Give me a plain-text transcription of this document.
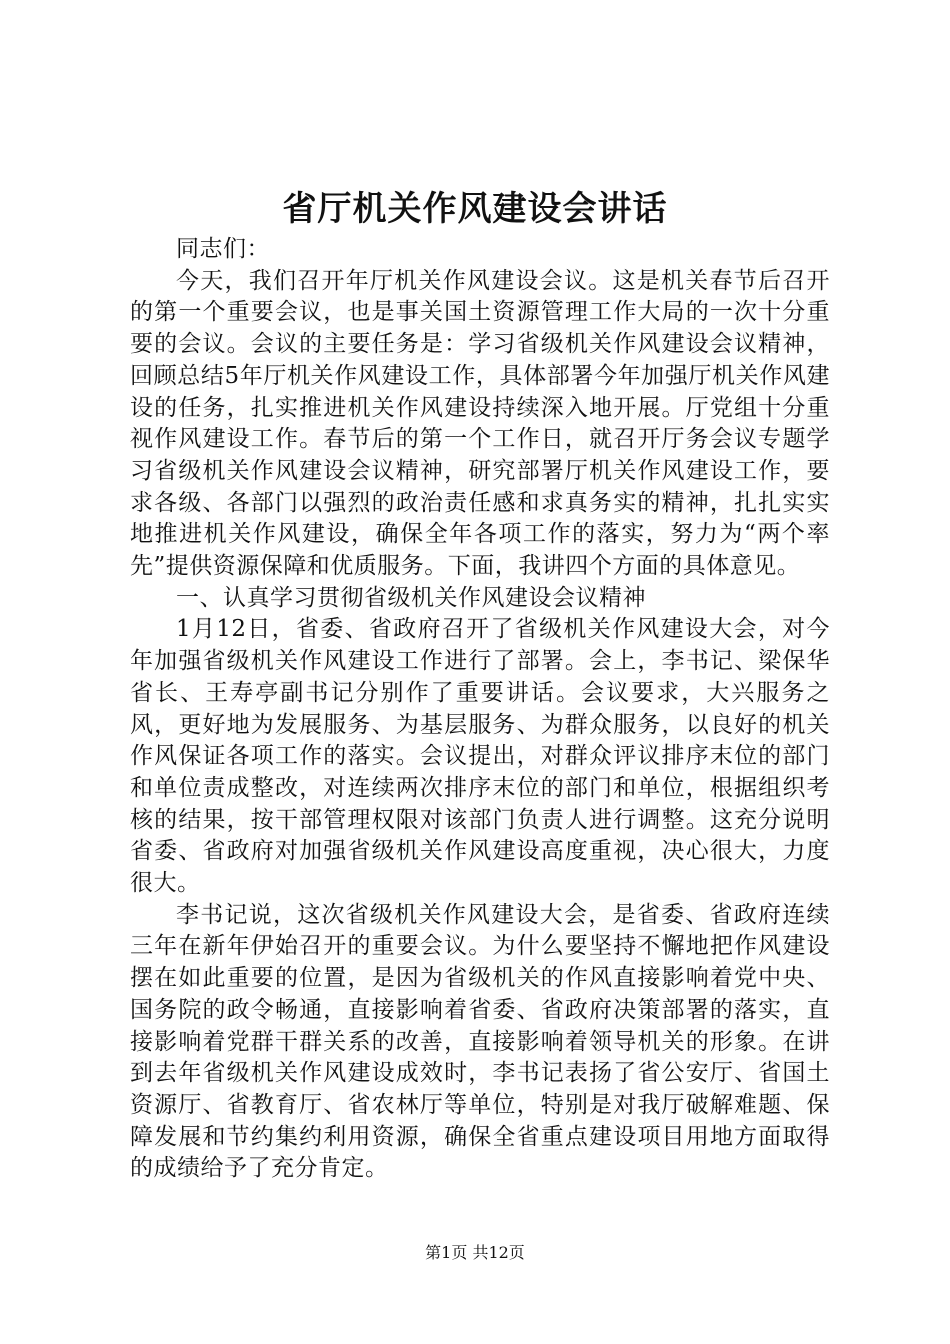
省厅机关作风建设会讲话

同志们：

今天，我们召开年厅机关作风建设会议。这是机关春节后召开的第一个重要会议，也是事关国土资源管理工作大局的一次十分重要的会议。会议的主要任务是：学习省级机关作风建设会议精神，回顾总结5年厅机关作风建设工作，具体部署今年加强厅机关作风建设的任务，扎实推进机关作风建设持续深入地开展。厅党组十分重视作风建设工作。春节后的第一个工作日，就召开厅务会议专题学习省级机关作风建设会议精神，研究部署厅机关作风建设工作，要求各级、各部门以强烈的政治责任感和求真务实的精神，扎扎实实地推进机关作风建设，确保全年各项工作的落实，努力为“两个率先”提供资源保障和优质服务。下面，我讲四个方面的具体意见。

一、认真学习贯彻省级机关作风建设会议精神

1月12日，省委、省政府召开了省级机关作风建设大会，对今年加强省级机关作风建设工作进行了部署。会上，李书记、梁保华省长、王寿亭副书记分别作了重要讲话。会议要求，大兴服务之风，更好地为发展服务、为基层服务、为群众服务，以良好的机关作风保证各项工作的落实。会议提出，对群众评议排序末位的部门和单位责成整改，对连续两次排序末位的部门和单位，根据组织考核的结果，按干部管理权限对该部门负责人进行调整。这充分说明省委、省政府对加强省级机关作风建设高度重视，决心很大，力度很大。

李书记说，这次省级机关作风建设大会，是省委、省政府连续三年在新年伊始召开的重要会议。为什么要坚持不懈地把作风建设摆在如此重要的位置，是因为省级机关的作风直接影响着党中央、国务院的政令畅通，直接影响着省委、省政府决策部署的落实，直接影响着党群干群关系的改善，直接影响着领导机关的形象。在讲到去年省级机关作风建设成效时，李书记表扬了省公安厅、省国土资源厅、省教育厅、省农林厅等单位，特别是对我厅破解难题、保障发展和节约集约利用资源，确保全省重点建设项目用地方面取得的成绩给予了充分肯定。

第1页 共12页
